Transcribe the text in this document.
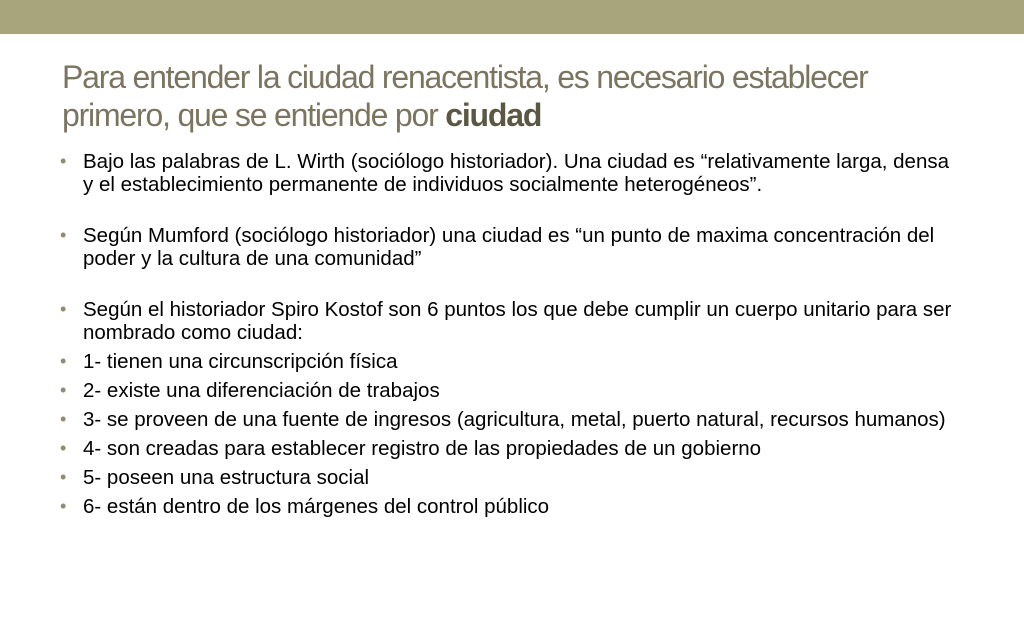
Para entender la ciudad renacentista, es necesario establecer primero, que se entiende por ciudad
• Bajo las palabras de L. Wirth (sociólogo historiador). Una ciudad es “relativamente larga, densa y el establecimiento permanente de individuos socialmente heterogéneos”.
• Según Mumford (sociólogo historiador) una ciudad es “un punto de maxima concentración del poder y la cultura de una comunidad”
• Según el historiador Spiro Kostof son 6 puntos los que debe cumplir un cuerpo unitario para ser nombrado como ciudad:
• 1- tienen una circunscripción física
• 2- existe una diferenciación de trabajos
• 3- se proveen de una fuente de ingresos (agricultura, metal, puerto natural, recursos humanos)
• 4- son creadas para establecer registro de las propiedades de un gobierno
• 5- poseen una estructura social
• 6- están dentro de los márgenes del control público
